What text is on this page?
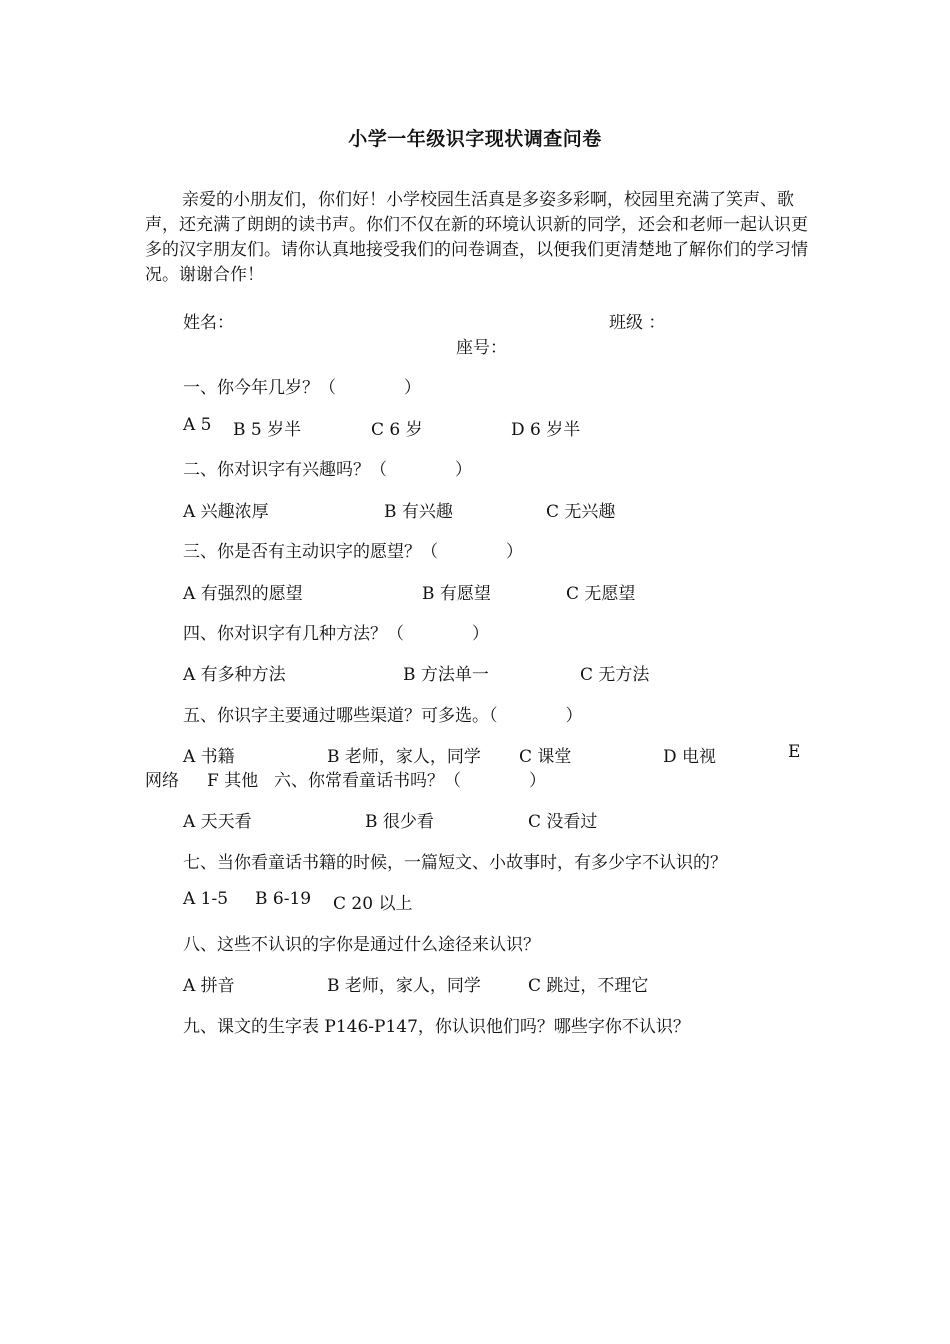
小学一年级识字现状调查问卷
亲爱的小朋友们，你们好！小学校园生活真是多姿多彩啊，校园里充满了笑声、歌声，还充满了朗朗的读书声。你们不仅在新的环境认识新的同学，还会和老师一起认识更多的汉字朋友们。请你认真地接受我们的问卷调查，以便我们更清楚地了解你们的学习情况。谢谢合作！
姓名：	班级 ：
座号：
一、你今年几岁？（	）
A 5 B 5 岁半	C 6 岁	D 6 岁半
二、你对识字有兴趣吗？（	）
A 兴趣浓厚	B 有兴趣	C 无兴趣
三、你是否有主动识字的愿望？（	）
A 有强烈的愿望	B 有愿望	C 无愿望
四、你对识字有几种方法？（	）
A 有多种方法	B 方法单一	C 无方法
五、你识字主要通过哪些渠道？可多选。（	）
A 书籍	B 老师，家人，同学 C 课堂	D 电视	E
网络 F 其他 六、你常看童话书吗？（	）
A 天天看	B 很少看	C 没看过
七、当你看童话书籍的时候，一篇短文、小故事时，有多少字不认识的？
A 1-5 B 6-19 C 20 以上
八、这些不认识的字你是通过什么途径来认识？
A 拼音	B 老师，家人，同学	C 跳过，不理它
九、课文的生字表 P146-P147，你认识他们吗？哪些字你不认识？
